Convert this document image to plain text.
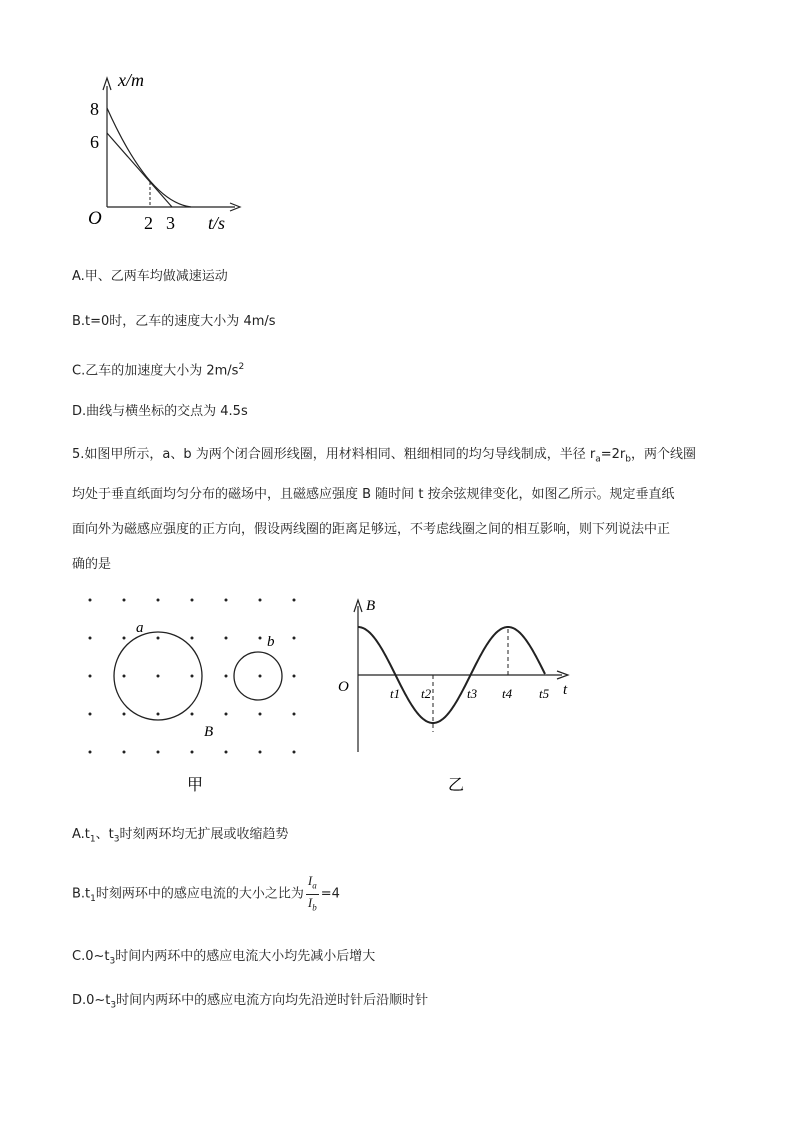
x/m
8
6
O 2 3 t/s
A.甲、乙两车均做减速运动
B.t=0时，乙车的速度大小为 4m/s
C.乙车的加速度大小为 $2m/s^2$
D.曲线与横坐标的交点为 4.5s
5.如图甲所示，a、b 为两个闭合圆形线圈，用材料相同、粗细相同的均匀导线制成，半径 $r_a=2r_b$，两个线圈
均处于垂直纸面均匀分布的磁场中，且磁感应强度 B 随时间 t 按余弦规律变化，如图乙所示。规定垂直纸
面向外为磁感应强度的正方向，假设两线圈的距离足够远，不考虑线圈之间的相互影响，则下列说法中正
确的是
a
b
B
甲
B
O	t
t1 t2	t3 t4 t5
乙
$A.t_1$、$t_3$时刻两环均无扩展或收缩趋势
$B.t_1$时刻两环中的感应电流的大小之比为 $\frac{I_a}{I_b} =4$
$C.0\sim t_3$时间内两环中的感应电流大小均先减小后增大
$D.0\sim t_3$时间内两环中的感应电流方向均先沿逆时针后沿顺时针
